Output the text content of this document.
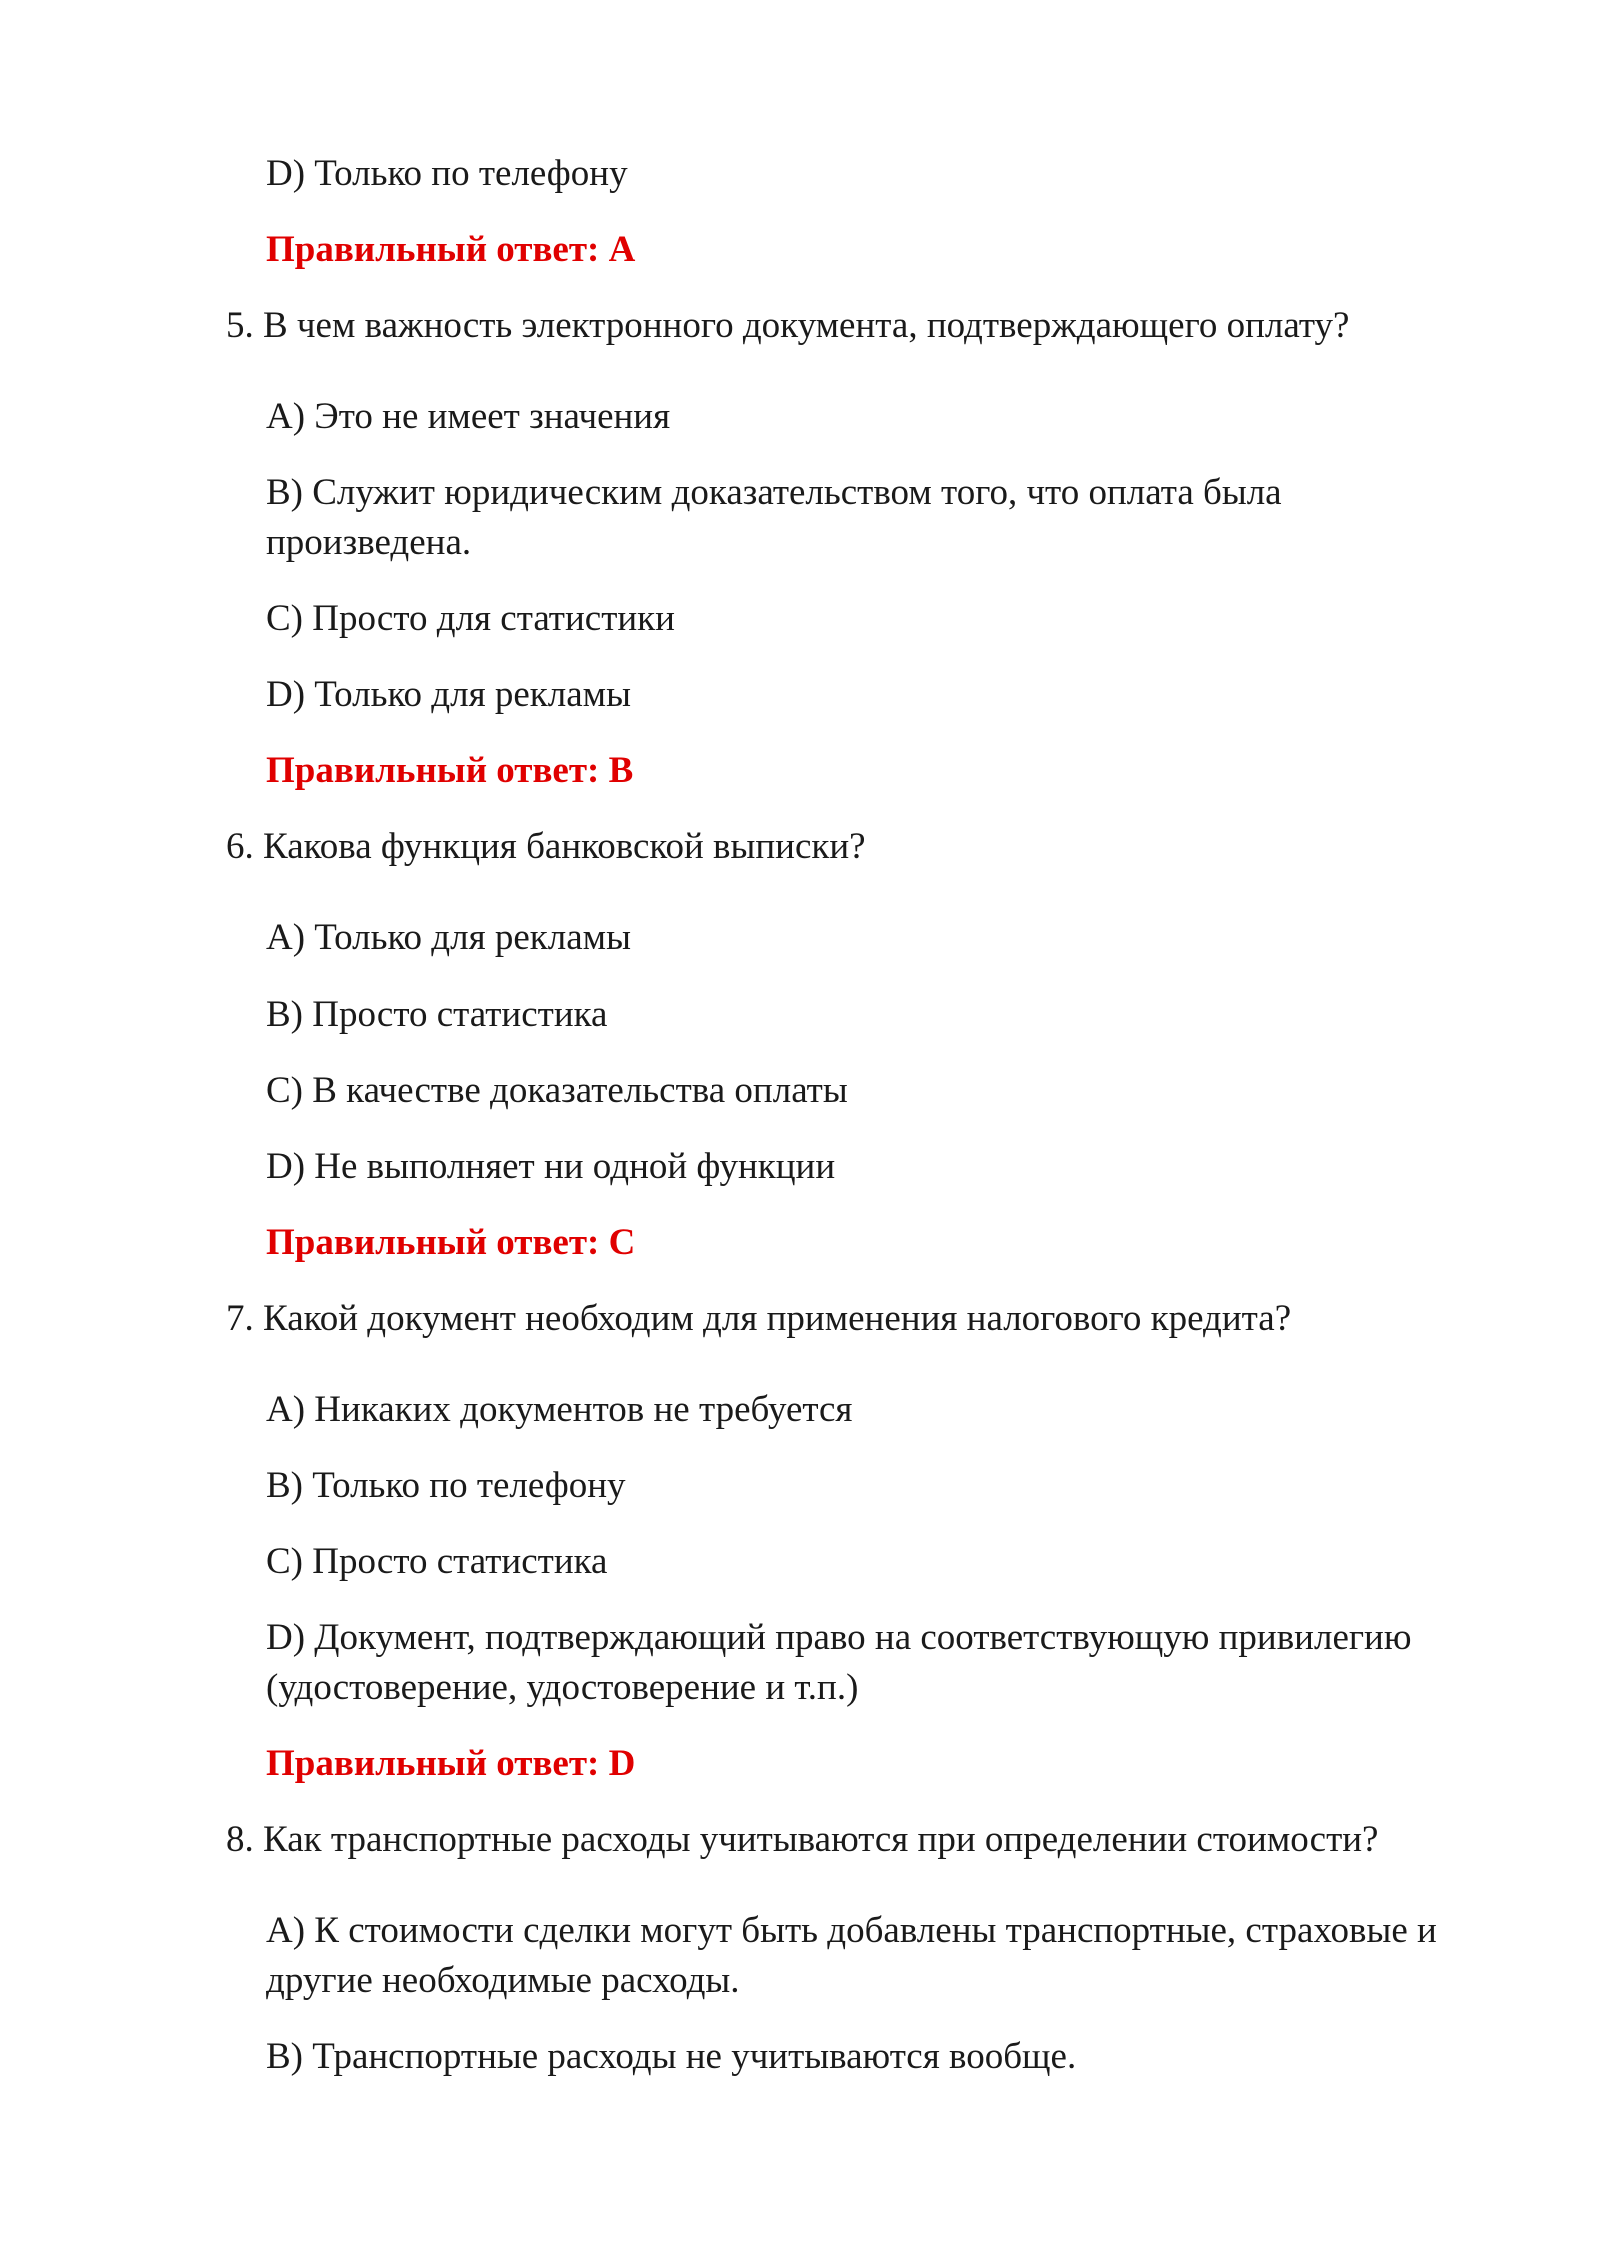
D) Только по телефону
Правильный ответ: А
5. В чем важность электронного документа, подтверждающего оплату?
А) Это не имеет значения
B) Служит юридическим доказательством того, что оплата была
произведена.
C) Просто для статистики
D) Только для рекламы
Правильный ответ: B
6. Какова функция банковской выписки?
А) Только для рекламы
B) Просто статистика
C) В качестве доказательства оплаты
D) Не выполняет ни одной функции
Правильный ответ: C
7. Какой документ необходим для применения налогового кредита?
А) Никаких документов не требуется
B) Только по телефону
C) Просто статистика
D) Документ, подтверждающий право на соответствующую привилегию
(удостоверение, удостоверение и т.п.)
Правильный ответ: D
8. Как транспортные расходы учитываются при определении стоимости?
А) К стоимости сделки могут быть добавлены транспортные, страховые и
другие необходимые расходы.
B) Транспортные расходы не учитываются вообще.
